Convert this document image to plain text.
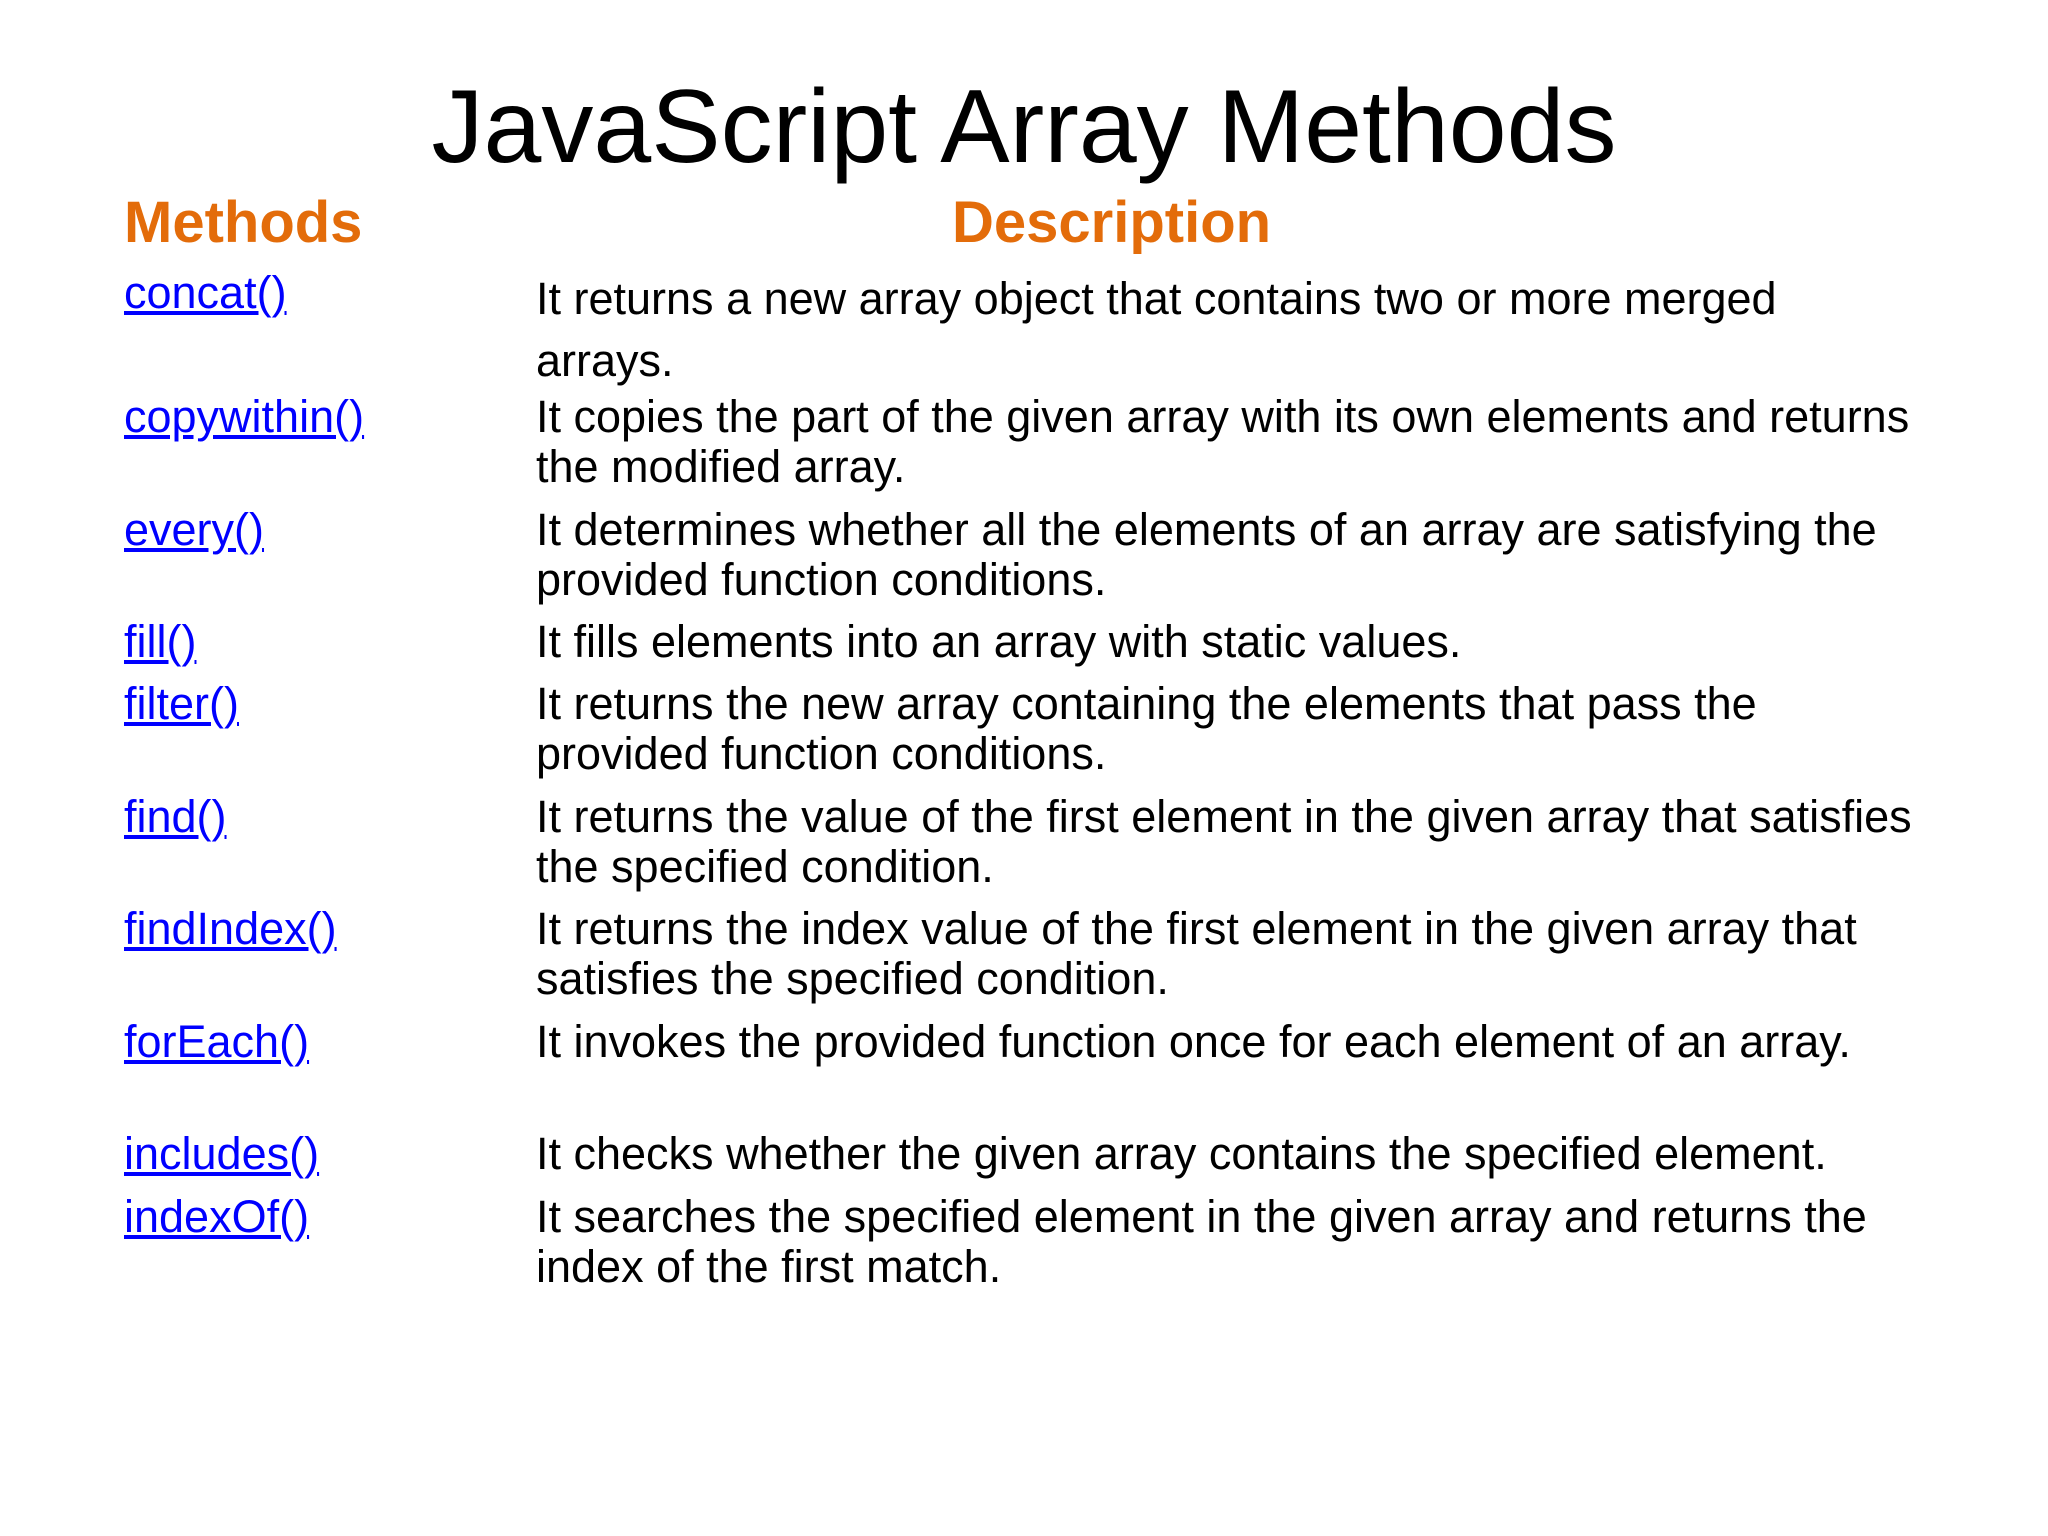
JavaScript Array Methods
Methods	Description
concat()	It returns a new array object that contains two or more merged arrays.
copywithin()	It copies the part of the given array with its own elements and returns the modified array.
every()	It determines whether all the elements of an array are satisfying the provided function conditions.
fill()	It fills elements into an array with static values.
filter()	It returns the new array containing the elements that pass the provided function conditions.
find()	It returns the value of the first element in the given array that satisfies the specified condition.
findIndex()	It returns the index value of the first element in the given array that satisfies the specified condition.
forEach()	It invokes the provided function once for each element of an array.
includes()	It checks whether the given array contains the specified element.
indexOf()	It searches the specified element in the given array and returns the index of the first match.
